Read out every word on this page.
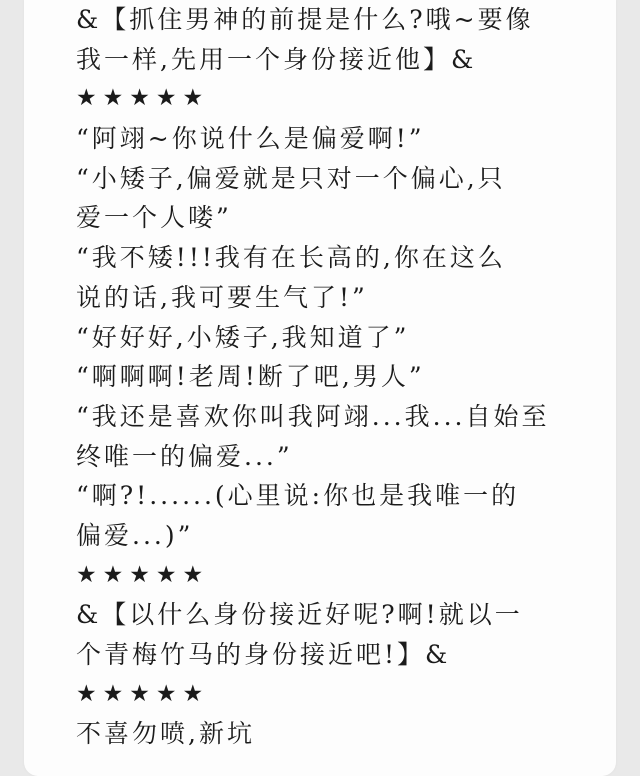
&【抓住男神的前提是什么?哦~要像
我一样,先用一个身份接近他】&
★★★★★
“阿翊~你说什么是偏爱啊!”
“小矮子,偏爱就是只对一个偏心,只
爱一个人喽”
“我不矮!!!我有在长高的,你在这么
说的话,我可要生气了!”
“好好好,小矮子,我知道了”
“啊啊啊!老周!断了吧,男人”
“我还是喜欢你叫我阿翊...我...自始至
终唯一的偏爱...”
“啊?!......(心里说:你也是我唯一的
偏爱...)”
★★★★★
&【以什么身份接近好呢?啊!就以一
个青梅竹马的身份接近吧!】&
★★★★★
不喜勿喷,新坑
